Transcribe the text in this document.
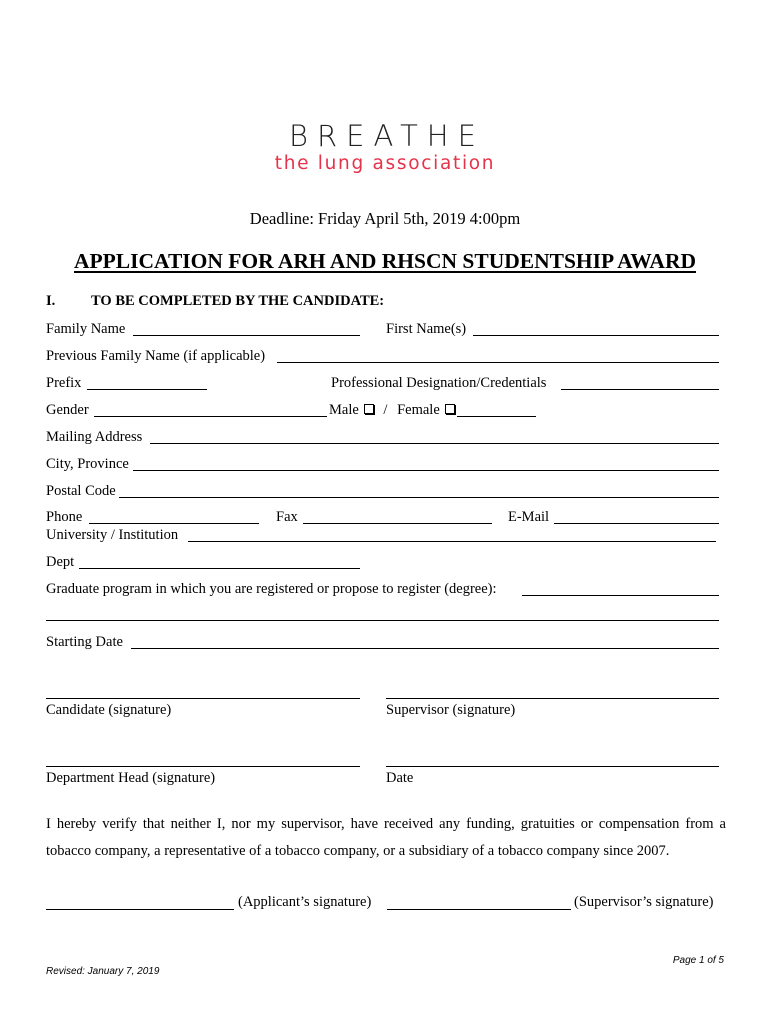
BREATHE
the lung association
Deadline: Friday April 5th, 2019 4:00pm
APPLICATION FOR ARH AND RHSCN STUDENTSHIP AWARD
I. TO BE COMPLETED BY THE CANDIDATE:
Family Name	First Name(s)
Previous Family Name (if applicable)
Prefix	Professional Designation/Credentials
Gender	Male / Female
Mailing Address
City, Province
Postal Code
Phone	Fax	E-Mail
University / Institution
Dept
Graduate program in which you are registered or propose to register (degree):
Starting Date
Candidate (signature)	Supervisor (signature)
Department Head (signature)	Date
I hereby verify that neither I, nor my supervisor, have received any funding, gratuities or compensation from a tobacco company, a representative of a tobacco company, or a subsidiary of a tobacco company since 2007.
(Applicant’s signature)	(Supervisor’s signature)
Page 1 of 5
Revised: January 7, 2019
